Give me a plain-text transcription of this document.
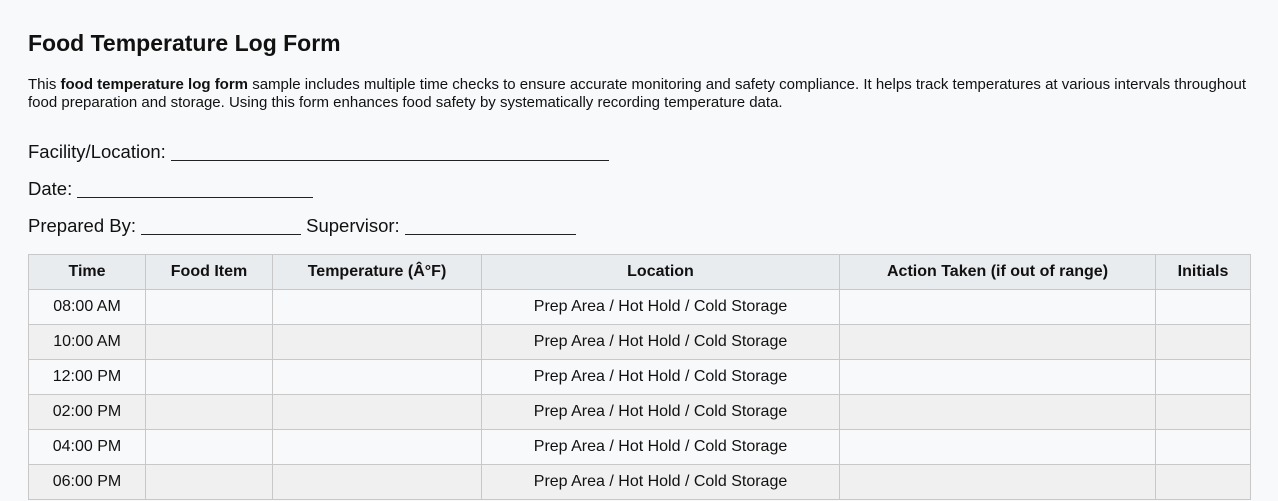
Food Temperature Log Form

This food temperature log form sample includes multiple time checks to ensure accurate monitoring and safety compliance. It helps track temperatures at various intervals throughout food preparation and storage. Using this form enhances food safety by systematically recording temperature data.

Facility/Location:
Date:
Prepared By:	Supervisor:
Time	Food Item	Temperature (Â°F)	Location	Action Taken (if out of range)	Initials
08:00 AM			Prep Area / Hot Hold / Cold Storage		
10:00 AM			Prep Area / Hot Hold / Cold Storage		
12:00 PM			Prep Area / Hot Hold / Cold Storage		
02:00 PM			Prep Area / Hot Hold / Cold Storage		
04:00 PM			Prep Area / Hot Hold / Cold Storage		
06:00 PM			Prep Area / Hot Hold / Cold Storage		
